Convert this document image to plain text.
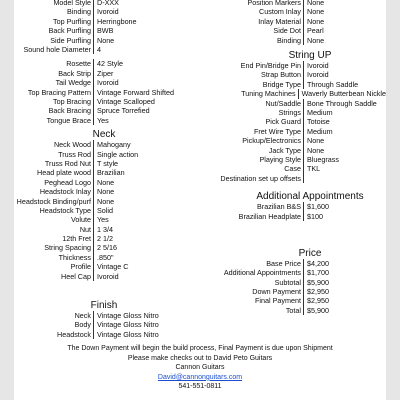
Model Style D-XXX
Binding Ivoroid
Top Purfling Herringbone
Back Purfling BWB
Side Purfling None
Sound hole Diameter 4
Rosette 42 Style
Back Strip Ziper
Tail Wedge Ivoroid
Top Bracing Pattern Vintage Forward Shifted
Top Bracing Vintage Scalloped
Back Bracing Spruce Torrefied
Tongue Brace Yes
Neck
Neck Wood Mahogany
Truss Rod Single action
Truss Rod Nut T style
Head plate wood Brazilian
Peghead Logo None
Headstock Inlay None
Headstock Binding/purf None
Headstock Type Solid
Volute Yes
Nut 1 3/4
12th Fret 2 1/2
String Spacing 2 5/16
Thickness .850"
Profile Vintage C
Heel Cap Ivoroid
Finish
Neck Vintage Gloss Nitro
Body Vintage Gloss Nitro
Headstock Vintage Gloss Nitro
Position Markers None
Custom Inlay None
Inlay Material None
Side Dot Pearl
Binding None
String UP
End Pin/Bridge Pin Ivoroid
Strap Button Ivoroid
Bridge Type Through Saddle
Tuning Machines Waverly Butterbean Nickle
Nut/Saddle Bone Through Saddle
Strings Medium
Pick Guard Totoise
Fret Wire Type Medium
Pickup/Electronics None
Jack Type None
Playing Style Bluegrass
Case TKL
Destination set up offsets
Additional Appointments
Brazilian B&S $1,600
Brazilian Headplate $100
Price
Base Price $4,200
Additional Appointments $1,700
Subtotal $5,900
Down Payment $2,950
Final Payment $2,950
Total $5,900
The Down Payment will begin the build process, Final Payment is due upon Shipment
Please make checks out to David Peto Guitars
Cannon Guitars
David@cannonguitars.com
541-551-0811
